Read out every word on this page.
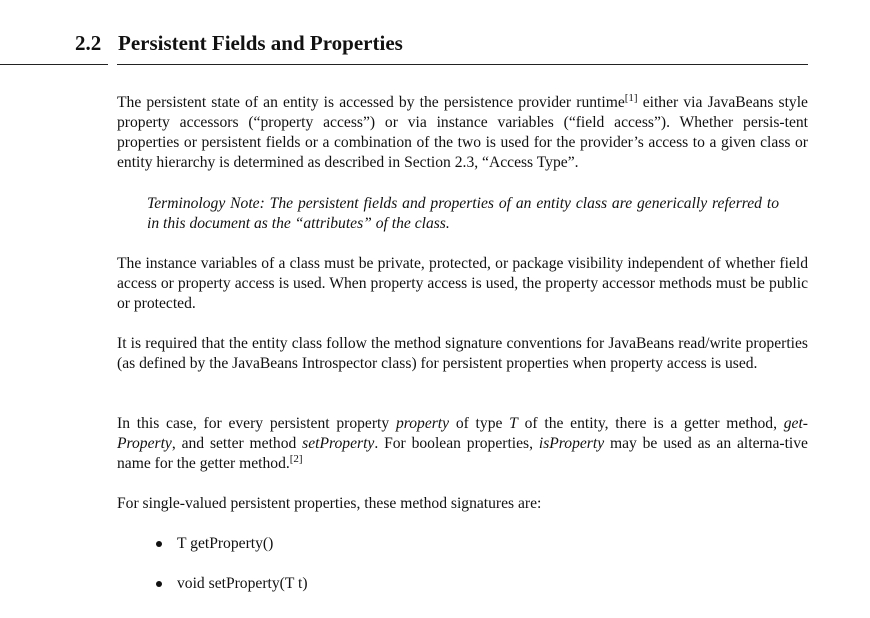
2.2 Persistent Fields and Properties

The persistent state of an entity is accessed by the persistence provider runtime[1] either via JavaBeans style property accessors (“property access”) or via instance variables (“field access”). Whether persis-tent properties or persistent fields or a combination of the two is used for the provider’s access to a given class or entity hierarchy is determined as described in Section 2.3, “Access Type”.

Terminology Note: The persistent fields and properties of an entity class are generically referred to in this document as the “attributes” of the class.

The instance variables of a class must be private, protected, or package visibility independent of whether field access or property access is used. When property access is used, the property accessor methods must be public or protected.

It is required that the entity class follow the method signature conventions for JavaBeans read/write properties (as defined by the JavaBeans Introspector class) for persistent properties when property access is used.

In this case, for every persistent property property of type T of the entity, there is a getter method, get-Property, and setter method setProperty. For boolean properties, isProperty may be used as an alterna-tive name for the getter method.[2]

For single-valued persistent properties, these method signatures are:

T getProperty()
void setProperty(T t)
